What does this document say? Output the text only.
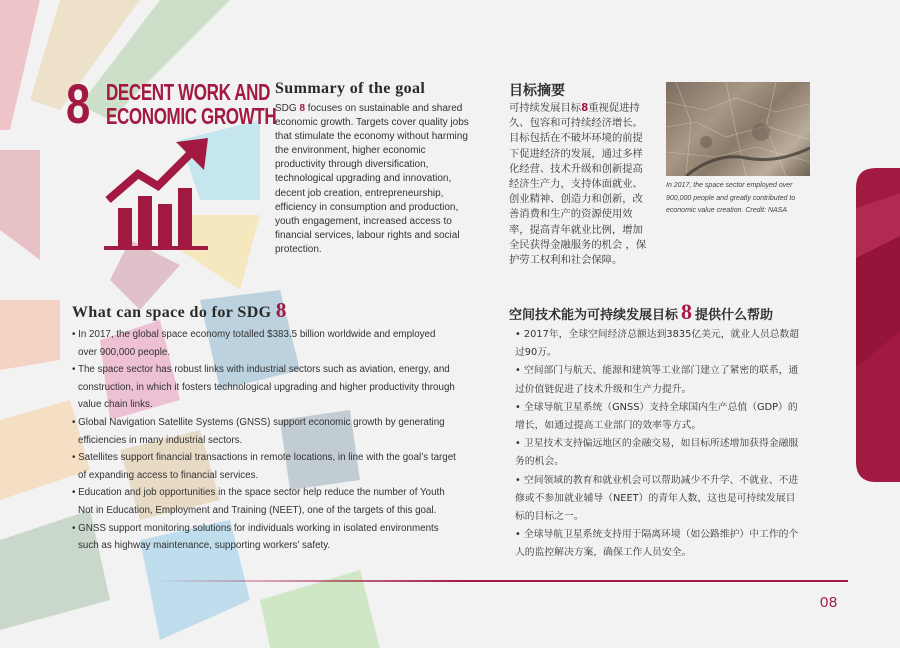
8 DECENT WORK AND
ECONOMIC GROWTH
Summary of the goal
SDG 8 focuses on sustainable and shared economic growth. Targets cover quality jobs that stimulate the economy without harming the environment, higher economic productivity through diversification, technological upgrading and innovation, decent job creation, entrepreneurship, efficiency in consumption and production, youth engagement, increased access to financial services, labour rights and social protection.
目标摘要
可持续发展目标8重视促进持久、包容和可持续经济增长。目标包括在不破坏环境的前提下促进经济的发展，通过多样化经营、技术升级和创新提高经济生产力，支持体面就业、创业精神、创造力和创新，改善消费和生产的资源使用效率，提高青年就业比例，增加全民获得金融服务的机会 ，保护劳工权利和社会保障。
In 2017, the space sector employed over 900,000 people and greatly contributed to economic value creation. Credit: NASA
What can space do for SDG 8
• In 2017, the global space economy totalled $383.5 billion worldwide and employed
over 900,000 people.
• The space sector has robust links with industrial sectors such as aviation, energy, and
construction, in which it fosters technological upgrading and higher productivity through
value chain links.
• Global Navigation Satellite Systems (GNSS) support economic growth by generating
efficiencies in many industrial sectors.
• Satellites support financial transactions in remote locations, in line with the goal’s target
of expanding access to financial services.
• Education and job opportunities in the space sector help reduce the number of Youth
Not in Education, Employment and Training (NEET), one of the targets of this goal.
• GNSS support monitoring solutions for individuals working in isolated environments
such as highway maintenance, supporting workers’ safety.
空间技术能为可持续发展目标 8 提供什么帮助
• 2017年，全球空间经济总额达到3835亿美元，就业人员总数超
过90万。
• 空间部门与航天、能源和建筑等工业部门建立了紧密的联系，通
过价值链促进了技术升级和生产力提升。
• 全球导航卫星系统（GNSS）支持全球国内生产总值（GDP）的
增长，如通过提高工业部门的效率等方式。
• 卫星技术支持偏远地区的金融交易，如目标所述增加获得金融服
务的机会。
• 空间领域的教育和就业机会可以帮助减少不升学、不就业、不进
修或不参加就业辅导（NEET）的青年人数，这也是可持续发展目
标的目标之一。
• 全球导航卫星系统支持用于隔离环境（如公路维护）中工作的个
人的监控解决方案，确保工作人员安全。
08
